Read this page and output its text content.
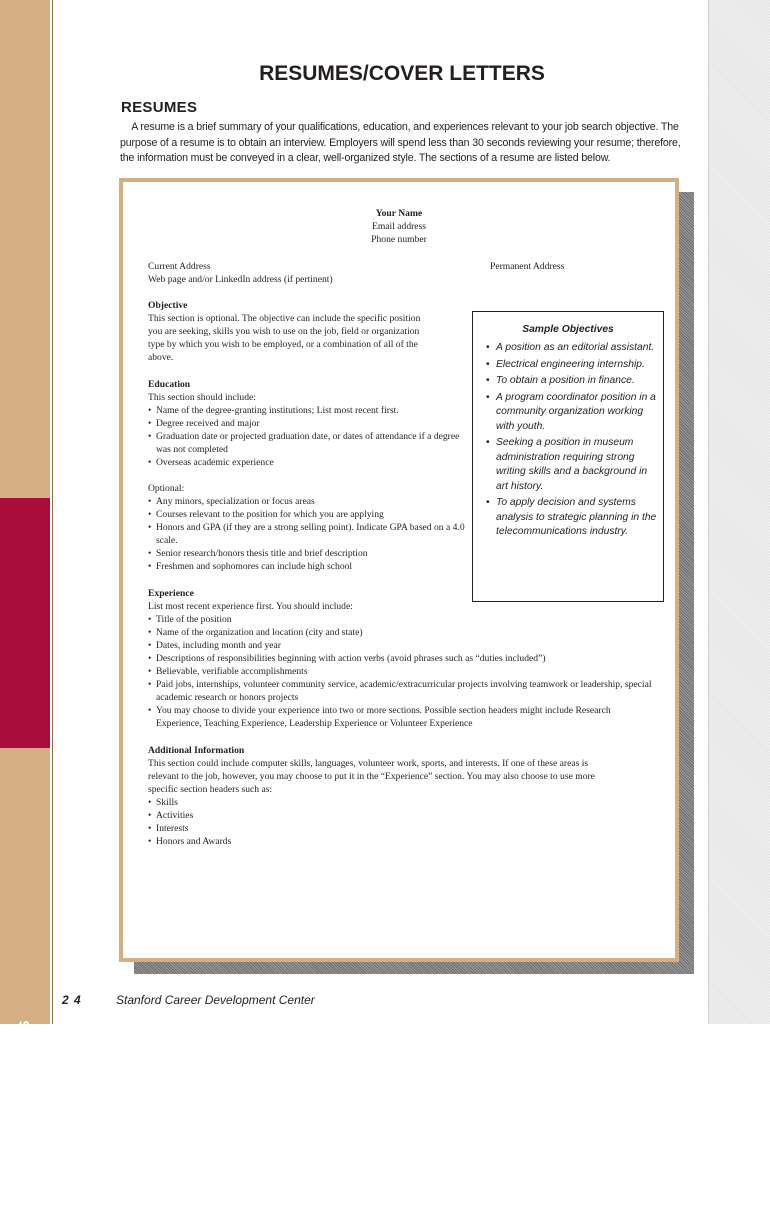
RESUMES/COVER LETTERS
RESUMES/COVER LETTERS
RESUMES

A resume is a brief summary of your qualifications, education, and experiences relevant to your job search objective. The purpose of a resume is to obtain an interview. Employers will spend less than 30 seconds reviewing your resume; therefore, the information must be conveyed in a clear, well-organized style. The sections of a resume are listed below.

Your Name
Email address
Phone number
Current Address	Permanent Address
Web page and/or LinkedIn address (if pertinent)
Objective
This section is optional. The objective can include the specific position
you are seeking, skills you wish to use on the job, field or organization
type by which you wish to be employed, or a combination of all of the
above.
Education
This section should include:
• Name of the degree-granting institutions; List most recent first.
• Degree received and major
• Graduation date or projected graduation date, or dates of attendance if a degree was not completed
• Overseas academic experience
Optional:
• Any minors, specialization or focus areas
• Courses relevant to the position for which you are applying
• Honors and GPA (if they are a strong selling point). Indicate GPA based on a 4.0 scale.
• Senior research/honors thesis title and brief description
• Freshmen and sophomores can include high school
Experience
List most recent experience first. You should include:
• Title of the position
• Name of the organization and location (city and state)
• Dates, including month and year
• Descriptions of responsibilities beginning with action verbs (avoid phrases such as “duties included”)
• Believable, verifiable accomplishments
• Paid jobs, internships, volunteer community service, academic/extracurricular projects involving teamwork or leadership, special academic research or honors projects
• You may choose to divide your experience into two or more sections. Possible section headers might include Research Experience, Teaching Experience, Leadership Experience or Volunteer Experience
Additional Information
This section could include computer skills, languages, volunteer work, sports, and interests. If one of these areas is
relevant to the job, however, you may choose to put it in the “Experience” section. You may also choose to use more
specific section headers such as:
• Skills
• Activities
• Interests
• Honors and Awards

Sample Objectives

• A position as an editorial assistant.
• Electrical engineering internship.
• To obtain a position in finance.
• A program coordinator position in a community organization working with youth.
• Seeking a position in museum administration requiring strong writing skills and a background in art history.
• To apply decision and systems analysis to strategic planning in the telecommunications industry.

2 4	Stanford Career Development Center
